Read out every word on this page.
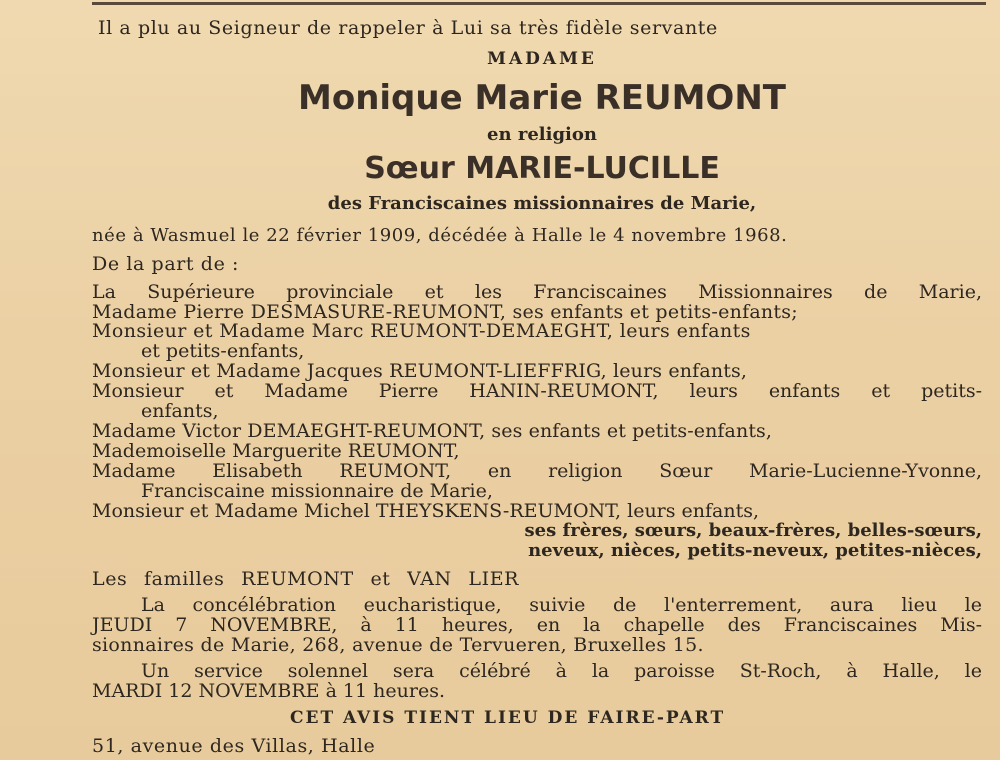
Il a plu au Seigneur de rappeler à Lui sa très fidèle servante
MADAME
Monique Marie REUMONT
en religion
Sœur MARIE-LUCILLE
des Franciscaines missionnaires de Marie,
née à Wasmuel le 22 février 1909, décédée à Halle le 4 novembre 1968.
De la part de :
La Supérieure provinciale et les Franciscaines Missionnaires de Marie,
Madame Pierre DESMASURE-REUMONT, ses enfants et petits-enfants;
Monsieur et Madame Marc REUMONT-DEMAEGHT, leurs enfants
et petits-enfants,
Monsieur et Madame Jacques REUMONT-LIEFFRIG, leurs enfants,
Monsieur et Madame Pierre HANIN-REUMONT, leurs enfants et petits-
enfants,
Madame Victor DEMAEGHT-REUMONT, ses enfants et petits-enfants,
Mademoiselle Marguerite REUMONT,
Madame Elisabeth REUMONT, en religion Sœur Marie-Lucienne-Yvonne,
Franciscaine missionnaire de Marie,
Monsieur et Madame Michel THEYSKENS-REUMONT, leurs enfants,
ses frères, sœurs, beaux-frères, belles-sœurs,
neveux, nièces, petits-neveux, petites-nièces,
Les familles REUMONT et VAN LIER
La concélébration eucharistique, suivie de l'enterrement, aura lieu le
JEUDI 7 NOVEMBRE, à 11 heures, en la chapelle des Franciscaines Mis-
sionnaires de Marie, 268, avenue de Tervueren, Bruxelles 15.
Un service solennel sera célébré à la paroisse St-Roch, à Halle, le
MARDI 12 NOVEMBRE à 11 heures.
CET AVIS TIENT LIEU DE FAIRE-PART
51, avenue des Villas, Halle
